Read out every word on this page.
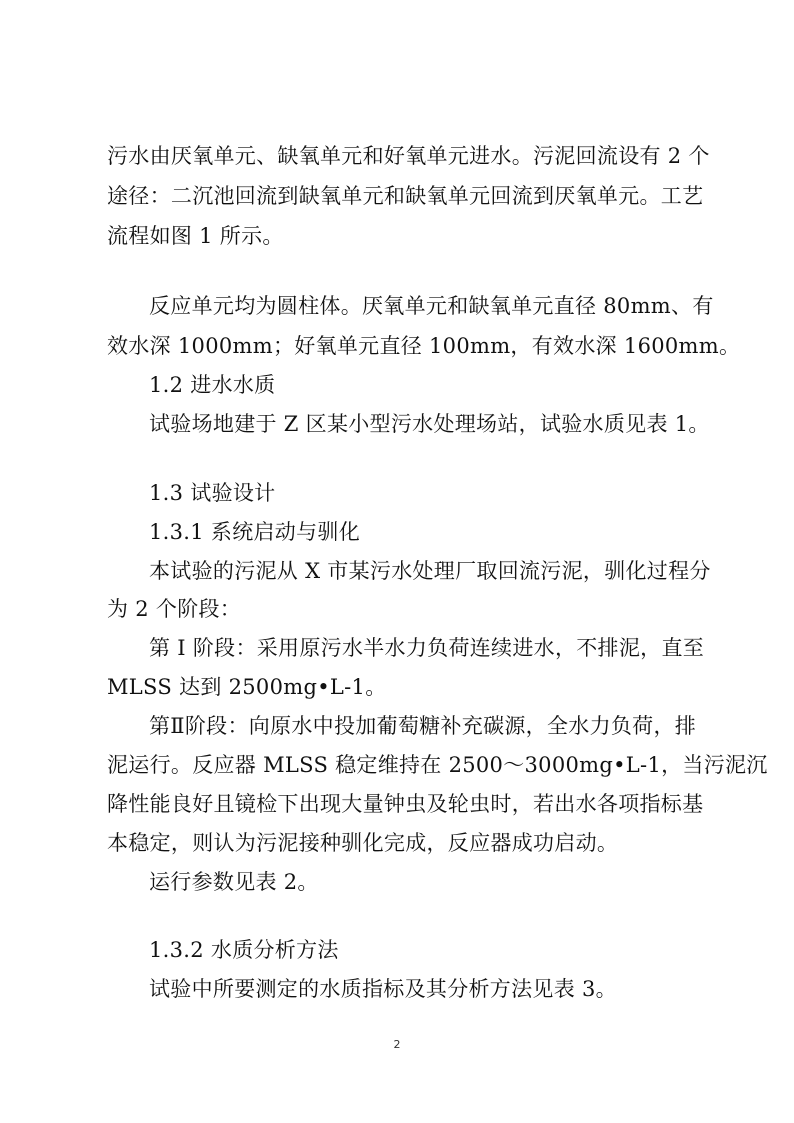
污水由厌氧单元、缺氧单元和好氧单元进水。污泥回流设有 2 个
途径：二沉池回流到缺氧单元和缺氧单元回流到厌氧单元。工艺
流程如图 1 所示。
反应单元均为圆柱体。厌氧单元和缺氧单元直径 80mm、有
效水深 1000mm；好氧单元直径 100mm，有效水深 1600mm。
1.2 进水水质
试验场地建于 Z 区某小型污水处理场站，试验水质见表 1。
1.3 试验设计
1.3.1 系统启动与驯化
本试验的污泥从 X 市某污水处理厂取回流污泥，驯化过程分
为 2 个阶段：
第 I 阶段：采用原污水半水力负荷连续进水，不排泥，直至
MLSS 达到 2500mg•L-1。
第Ⅱ阶段：向原水中投加葡萄糖补充碳源，全水力负荷，排
泥运行。反应器 MLSS 稳定维持在 2500～3000mg•L-1，当污泥沉
降性能良好且镜检下出现大量钟虫及轮虫时，若出水各项指标基
本稳定，则认为污泥接种驯化完成，反应器成功启动。
运行参数见表 2。
1.3.2 水质分析方法
试验中所要测定的水质指标及其分析方法见表 3。
2
